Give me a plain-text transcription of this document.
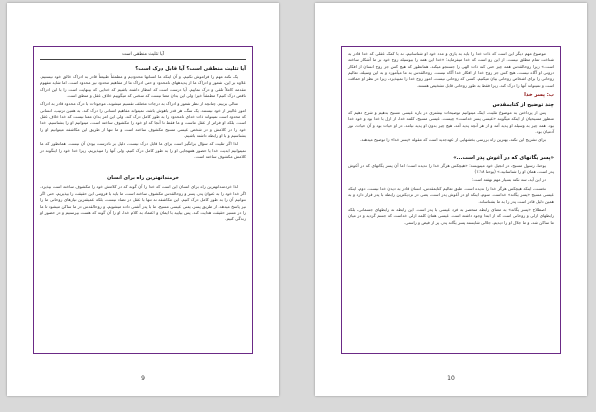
آیا تثلیث منطقی است

آیا تثلیث منطقی است؟ آیا قابل درک است؟

یک نکته مهم را فراموش نکنیم، و آن اینکه ما انسانها محدودیم و مطمئناً طبیعتاً قادر به ادراک خالق خود نیستیم. علاوه بر این، شعور و ادراک ما از پدیدههای نامحدود و حتی ادراک ما از مفاهیم محدود نیز محدود است. اما شاید مفهوم مقدمه کاملاً تلقی و درک نماییم. آیا درست است که انتظار داشته باشیم که خدایی که بینهایت است را با این ادراک ناقص درک کنیم؟ مطمئناً خیر؛ ولی این بدان معنا نیست که سخنی که میگوییم خلاف عقل و منطق است.

متالی بزنیم. چنانچه از نظر شعور و ادراک به درجات مختلف تقسیم میشوند، موجودات با درک محدود قادر به ادراک امور عالیتر از خود نیستند. یک سگ، هر قدر باهوش باشد، نمیتواند مفاهیم انسانی را درک کند. به همین ترتیب، انسانی که محدود است نمیتواند ذات خدای نامحدود را به طور کامل درک کند. ولی این امر بدان معنا نیست که خدا خلاف عقل است. بلکه او فراتر از عقل ماست و ما فقط تا آنجا که او خود را مکشوف ساخته است، میتوانیم او را بشناسیم. خدا خود را در کلامش و در شخص عیسی مسیح مکشوف ساخته است و ما تنها از طریق این مکاشفه میتوانیم او را بشناسیم و با او رابطه داشته باشیم.

لذا اگر تثلیث که سؤال برانگیز است برای ما قابل درک نیست، دلیل بر نادرست بودن آن نیست. همانطور که ما نمیتوانیم ابدیت خدا یا حضور همهجایی او را به طور کامل درک کنیم، ولی آنها را میپذیریم، زیرا خدا خود را اینگونه در کلامش مکشوف ساخته است.

خرمندانهترین راه برای انسان

لذا خردمندانهترین راه برای انسان این است که خدا را آن گونه که در کلامش خود را مکشوف ساخته است بپذیرد. اگر خدا خود را به عنوان پدر، پسر و روحالقدس مکشوف ساخته است، ما باید با فروتنی این حقیقت را بپذیریم، حتی اگر نتوانیم آن را به طور کامل درک کنیم. این مکاشفه نه تنها با عقل در تضاد نیست، بلکه عمیقترین نیازهای روحانی ما را نیز پاسخ میدهد. از طریق پسر، یعنی عیسی مسیح، ما با پدر آشتی داده میشویم، و روحالقدس در ما ساکن میشود تا ما را در مسیر حقیقت هدایت کند. پس بیایید با ایمان و اعتماد به کلام خدا، او را آن گونه که هست بپرستیم و در حضور او زندگی کنیم.

9

موضوع مهم دیگر این است که ذات خدا را باید به یاری و مدد خود او شناسانیم، نه با کمک عقلی که خدا قادر به شناخت تمام مطلق نیست. از این رو است که خدا میفرماید: «خدا این همه را بیوسیله روح خود بر ما آشکار ساخته است.» زیرا روحالقدس همه چیز حتی کنه ذات الهی را جستجو میکند. همانطور که هیچ کس جز روح انسان از افکار درونی او آگاه نیست، هیچ کس جز روح خدا از افکار خدا آگاه نیست. روحالقدس به ما میآموزد و به این وسیله، تعالیم روحانی را برای اشخاص روحانی بیان میکنیم. کسی که روحانی نیست، امور روح خدا را نمیپذیرد، زیرا در نظر او حماقت است و نمیتواند آنها را درک کند، زیرا فقط به طور روحانی قابل تشخیص هستند.

ب: پسر خدا

چند توضیح از کتابمقدس

پس از پرداختن به موضوع تثلیث، اینک میتوانیم توضیحات بیشتری در باره عیسی مسیح بدهیم و شرح دهیم که منظور مسیحیان از اینکه میگویند «عیسی پسر خداست» چیست. عیسی مسیح، کلمه خدا، از ازل با خدا بود و خود خدا بود. همه چیز به وسیله او پدید آمد و از هر آنچه پدید آمد، هیچ چیز بدون او پدید نیامد. در او حیات بود و آن حیات، نور آدمیان بود.

برای تشریح این نکته، بهترین راه بررسی بخشهایی از عهدجدید است که مقوله «پسر خدا» را توضیح میدهند.

«پسر یگانهای که در آغوش پدر است...»

یوحنا، رسول مسیح، در انجیل خود مینویسد: «هیچکس هرگز خدا را ندیده است؛ اما آن پسر یگانهای که در آغوش پدر است، همان او را شناسانید.» (یوحنا ۱:۱۸)

در این آیه، سه نکته بسیار مهم نهفته است:

نخست، اینکه هیچکس هرگز خدا را ندیده است. طبق تعالیم کتابمقدس، انسان قادر به دیدن خدا نیست. دوم، اینکه عیسی مسیح «پسر یگانه» خداست. سوم، اینکه او در آغوش پدر است، یعنی در نزدیکترین رابطه با پدر قرار دارد و به همین دلیل قادر است پدر را به ما بشناساند.

اصطلاح «پسر یگانه» به معنای رابطه منحصر به فرد عیسی با پدر است. این رابطه نه رابطهای جسمانی، بلکه رابطهای ازلی و روحانی است که از ابتدا وجود داشته است. عیسی همان کلمه ازلی خداست که جسم گردید و در میان ما ساکن شد، و ما جلال او را دیدیم، جلالی شایسته پسر یگانه پدر، پر از فیض و راستی.

10
